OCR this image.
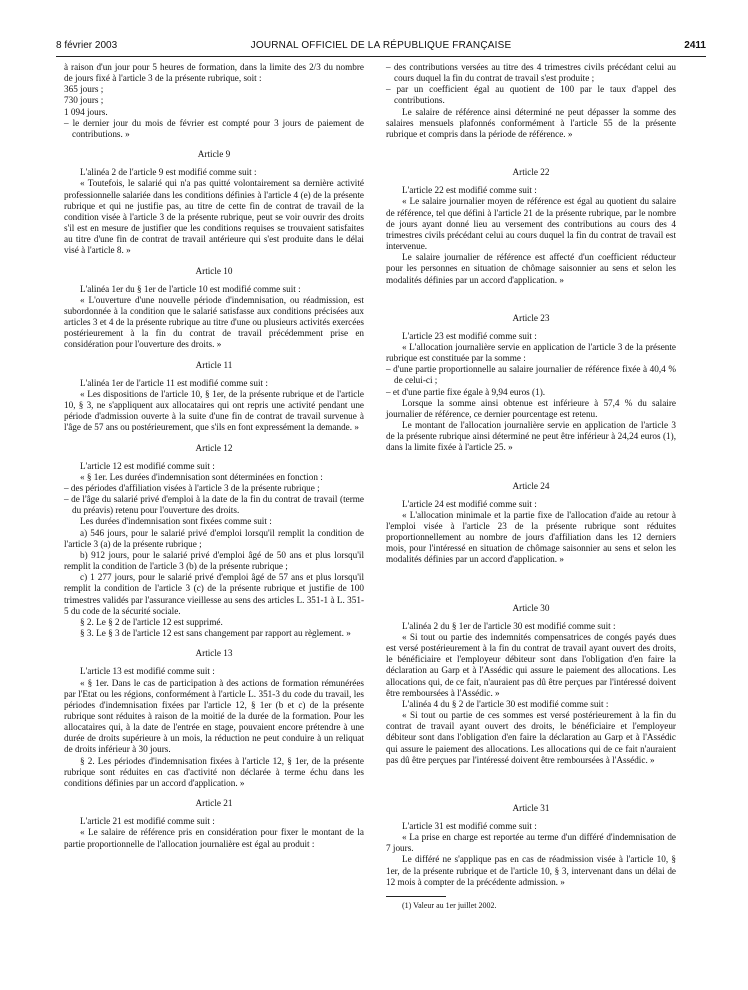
8 février 2003	JOURNAL OFFICIEL DE LA RÉPUBLIQUE FRANÇAISE	2411

à raison d'un jour pour 5 heures de formation, dans la limite des 2/3 du nombre de jours fixé à l'article 3 de la présente rubrique, soit :

365 jours ;

730 jours ;

1 094 jours.

– le dernier jour du mois de février est compté pour 3 jours de paiement de contributions. »

Article 9

L'alinéa 2 de l'article 9 est modifié comme suit :

« Toutefois, le salarié qui n'a pas quitté volontairement sa dernière activité professionnelle salariée dans les conditions définies à l'article 4 (e) de la présente rubrique et qui ne justifie pas, au titre de cette fin de contrat de travail de la condition visée à l'article 3 de la présente rubrique, peut se voir ouvrir des droits s'il est en mesure de justifier que les conditions requises se trouvaient satisfaites au titre d'une fin de contrat de travail antérieure qui s'est produite dans le délai visé à l'article 8. »

Article 10

L'alinéa 1er du § 1er de l'article 10 est modifié comme suit :

« L'ouverture d'une nouvelle période d'indemnisation, ou réadmission, est subordonnée à la condition que le salarié satisfasse aux conditions précisées aux articles 3 et 4 de la présente rubrique au titre d'une ou plusieurs activités exercées postérieurement à la fin du contrat de travail précédemment prise en considération pour l'ouverture des droits. »

Article 11

L'alinéa 1er de l'article 11 est modifié comme suit :

« Les dispositions de l'article 10, § 1er, de la présente rubrique et de l'article 10, § 3, ne s'appliquent aux allocataires qui ont repris une activité pendant une période d'admission ouverte à la suite d'une fin de contrat de travail survenue à l'âge de 57 ans ou postérieurement, que s'ils en font expressément la demande. »

Article 12

L'article 12 est modifié comme suit :

« § 1er. Les durées d'indemnisation sont déterminées en fonction :

– des périodes d'affiliation visées à l'article 3 de la présente rubrique ;

– de l'âge du salarié privé d'emploi à la date de la fin du contrat de travail (terme du préavis) retenu pour l'ouverture des droits.

Les durées d'indemnisation sont fixées comme suit :

a) 546 jours, pour le salarié privé d'emploi lorsqu'il remplit la condition de l'article 3 (a) de la présente rubrique ;

b) 912 jours, pour le salarié privé d'emploi âgé de 50 ans et plus lorsqu'il remplit la condition de l'article 3 (b) de la présente rubrique ;

c) 1 277 jours, pour le salarié privé d'emploi âgé de 57 ans et plus lorsqu'il remplit la condition de l'article 3 (c) de la présente rubrique et justifie de 100 trimestres validés par l'assurance vieillesse au sens des articles L. 351-1 à L. 351-5 du code de la sécurité sociale.

§ 2. Le § 2 de l'article 12 est supprimé.

§ 3. Le § 3 de l'article 12 est sans changement par rapport au règlement. »

Article 13

L'article 13 est modifié comme suit :

« § 1er. Dans le cas de participation à des actions de formation rémunérées par l'Etat ou les régions, conformément à l'article L. 351-3 du code du travail, les périodes d'indemnisation fixées par l'article 12, § 1er (b et c) de la présente rubrique sont réduites à raison de la moitié de la durée de la formation. Pour les allocataires qui, à la date de l'entrée en stage, pouvaient encore prétendre à une durée de droits supérieure à un mois, la réduction ne peut conduire à un reliquat de droits inférieur à 30 jours.

§ 2. Les périodes d'indemnisation fixées à l'article 12, § 1er, de la présente rubrique sont réduites en cas d'activité non déclarée à terme échu dans les conditions définies par un accord d'application. »

Article 21

L'article 21 est modifié comme suit :

« Le salaire de référence pris en considération pour fixer le montant de la partie proportionnelle de l'allocation journalière est égal au produit :

– des contributions versées au titre des 4 trimestres civils précédant celui au cours duquel la fin du contrat de travail s'est produite ;

– par un coefficient égal au quotient de 100 par le taux d'appel des contributions.

Le salaire de référence ainsi déterminé ne peut dépasser la somme des salaires mensuels plafonnés conformément à l'article 55 de la présente rubrique et compris dans la période de référence. »

Article 22

L'article 22 est modifié comme suit :

« Le salaire journalier moyen de référence est égal au quotient du salaire de référence, tel que défini à l'article 21 de la présente rubrique, par le nombre de jours ayant donné lieu au versement des contributions au cours des 4 trimestres civils précédant celui au cours duquel la fin du contrat de travail est intervenue.

Le salaire journalier de référence est affecté d'un coefficient réducteur pour les personnes en situation de chômage saisonnier au sens et selon les modalités définies par un accord d'application. »

Article 23

L'article 23 est modifié comme suit :

« L'allocation journalière servie en application de l'article 3 de la présente rubrique est constituée par la somme :

– d'une partie proportionnelle au salaire journalier de référence fixée à 40,4 % de celui-ci ;

– et d'une partie fixe égale à 9,94 euros (1).

Lorsque la somme ainsi obtenue est inférieure à 57,4 % du salaire journalier de référence, ce dernier pourcentage est retenu.

Le montant de l'allocation journalière servie en application de l'article 3 de la présente rubrique ainsi déterminé ne peut être inférieur à 24,24 euros (1), dans la limite fixée à l'article 25. »

Article 24

L'article 24 est modifié comme suit :

« L'allocation minimale et la partie fixe de l'allocation d'aide au retour à l'emploi visée à l'article 23 de la présente rubrique sont réduites proportionnellement au nombre de jours d'affiliation dans les 12 derniers mois, pour l'intéressé en situation de chômage saisonnier au sens et selon les modalités définies par un accord d'application. »

Article 30

L'alinéa 2 du § 1er de l'article 30 est modifié comme suit :

« Si tout ou partie des indemnités compensatrices de congés payés dues est versé postérieurement à la fin du contrat de travail ayant ouvert des droits, le bénéficiaire et l'employeur débiteur sont dans l'obligation d'en faire la déclaration au Garp et à l'Assédic qui assure le paiement des allocations. Les allocations qui, de ce fait, n'auraient pas dû être perçues par l'intéressé doivent être remboursées à l'Assédic. »

L'alinéa 4 du § 2 de l'article 30 est modifié comme suit :

« Si tout ou partie de ces sommes est versé postérieurement à la fin du contrat de travail ayant ouvert des droits, le bénéficiaire et l'employeur débiteur sont dans l'obligation d'en faire la déclaration au Garp et à l'Assédic qui assure le paiement des allocations. Les allocations qui de ce fait n'auraient pas dû être perçues par l'intéressé doivent être remboursées à l'Assédic. »

Article 31

L'article 31 est modifié comme suit :

« La prise en charge est reportée au terme d'un différé d'indemnisation de 7 jours.

Le différé ne s'applique pas en cas de réadmission visée à l'article 10, § 1er, de la présente rubrique et de l'article 10, § 3, intervenant dans un délai de 12 mois à compter de la précédente admission. »

(1) Valeur au 1er juillet 2002.
